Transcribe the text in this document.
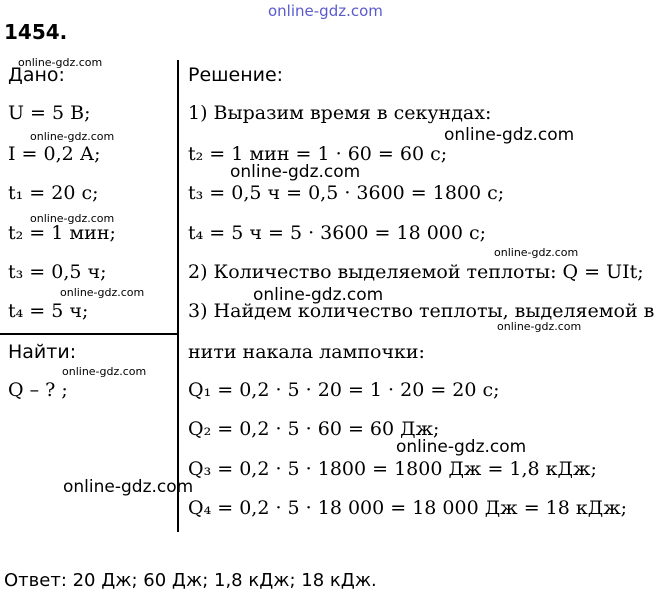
online-gdz.com
1454.
Дано:
U = 5 В;
I = 0,2 А;
t₁ = 20 с;
t₂ = 1 мин;
t₃ = 0,5 ч;
t₄ = 5 ч;
Найти:
Q – ? ;
Решение:
1) Выразим время в секундах:
t₂ = 1 мин = 1 · 60 = 60 с;
t₃ = 0,5 ч = 0,5 · 3600 = 1800 с;
t₄ = 5 ч = 5 · 3600 = 18 000 с;
2) Количество выделяемой теплоты: Q = UIt;
3) Найдем количество теплоты, выделяемой в
нити накала лампочки:
Q₁ = 0,2 · 5 · 20 = 1 · 20 = 20 с;
Q₂ = 0,2 · 5 · 60 = 60 Дж;
Q₃ = 0,2 · 5 · 1800 = 1800 Дж = 1,8 кДж;
Q₄ = 0,2 · 5 · 18 000 = 18 000 Дж = 18 кДж;
Ответ: 20 Дж; 60 Дж; 1,8 кДж; 18 кДж.
online-gdz.com
online-gdz.com
online-gdz.com
online-gdz.com
online-gdz.com
online-gdz.com
online-gdz.com
online-gdz.com
online-gdz.com
online-gdz.com
online-gdz.com
online-gdz.com
